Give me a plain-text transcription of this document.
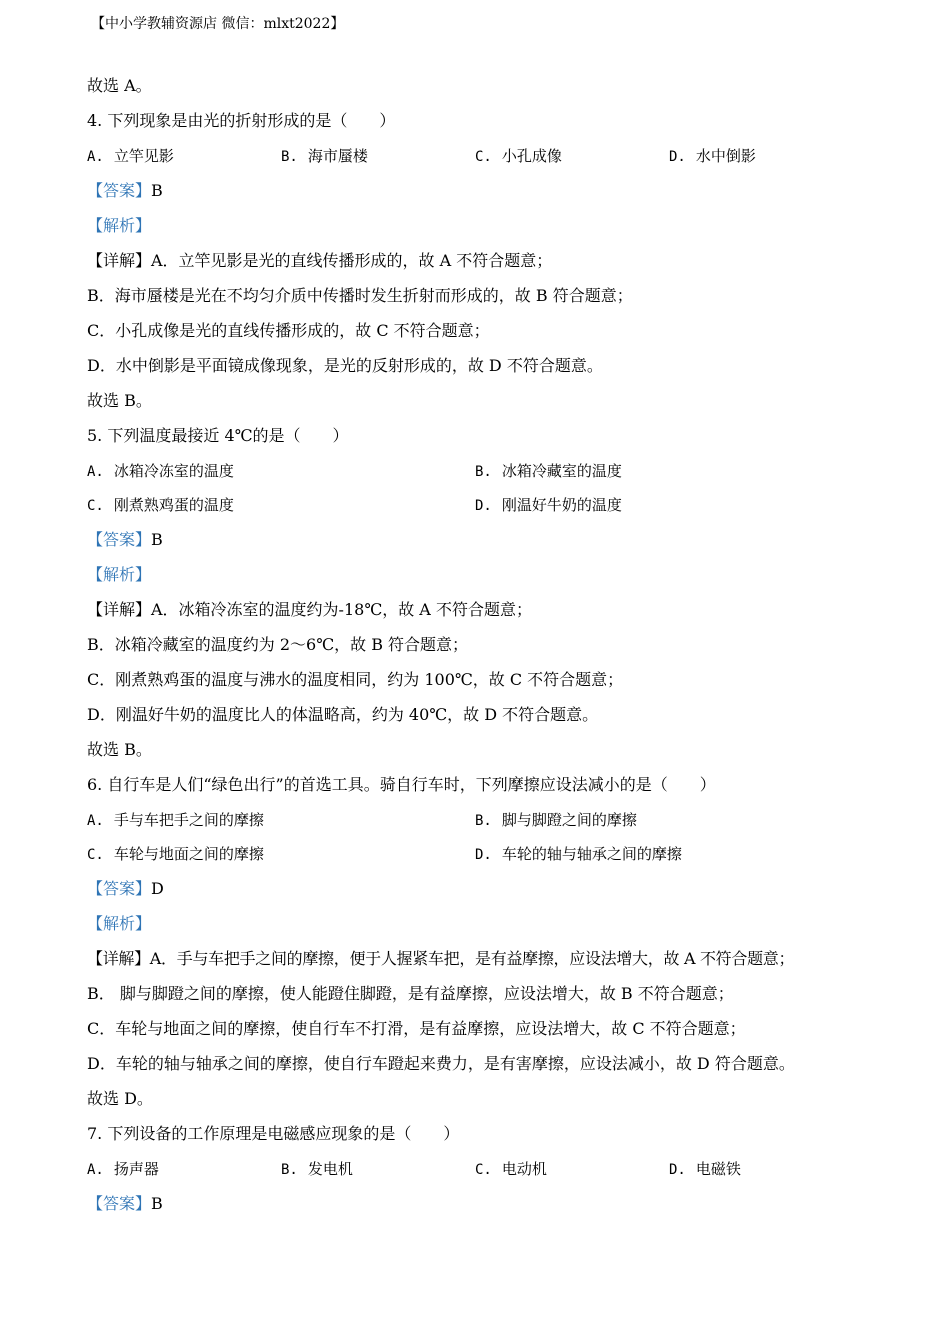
【中小学教辅资源店 微信：mlxt2022】
故选 A。
4. 下列现象是由光的折射形成的是（　　）
A. 立竿见影	B. 海市蜃楼	C. 小孔成像	D. 水中倒影
【答案】B
【解析】
【详解】A．立竿见影是光的直线传播形成的，故 A 不符合题意；
B．海市蜃楼是光在不均匀介质中传播时发生折射而形成的，故 B 符合题意；
C．小孔成像是光的直线传播形成的，故 C 不符合题意；
D．水中倒影是平面镜成像现象，是光的反射形成的，故 D 不符合题意。
故选 B。
5. 下列温度最接近 4℃的是（　　）
A. 冰箱冷冻室的温度	B. 冰箱冷藏室的温度
C. 刚煮熟鸡蛋的温度	D. 刚温好牛奶的温度
【答案】B
【解析】
【详解】A．冰箱冷冻室的温度约为-18℃，故 A 不符合题意；
B．冰箱冷藏室的温度约为 2～6℃，故 B 符合题意；
C．刚煮熟鸡蛋的温度与沸水的温度相同，约为 100℃，故 C 不符合题意；
D．刚温好牛奶的温度比人的体温略高，约为 40℃，故 D 不符合题意。
故选 B。
6. 自行车是人们“绿色出行”的首选工具。骑自行车时，下列摩擦应设法减小的是（　　）
A. 手与车把手之间的摩擦	B. 脚与脚蹬之间的摩擦
C. 车轮与地面之间的摩擦	D. 车轮的轴与轴承之间的摩擦
【答案】D
【解析】
【详解】A．手与车把手之间的摩擦，便于人握紧车把，是有益摩擦，应设法增大，故 A 不符合题意；
B． 脚与脚蹬之间的摩擦，使人能蹬住脚蹬，是有益摩擦，应设法增大，故 B 不符合题意；
C．车轮与地面之间的摩擦，使自行车不打滑，是有益摩擦，应设法增大，故 C 不符合题意；
D．车轮的轴与轴承之间的摩擦，使自行车蹬起来费力，是有害摩擦，应设法减小，故 D 符合题意。
故选 D。
7. 下列设备的工作原理是电磁感应现象的是（　　）
A. 扬声器	B. 发电机	C. 电动机	D. 电磁铁
【答案】B
